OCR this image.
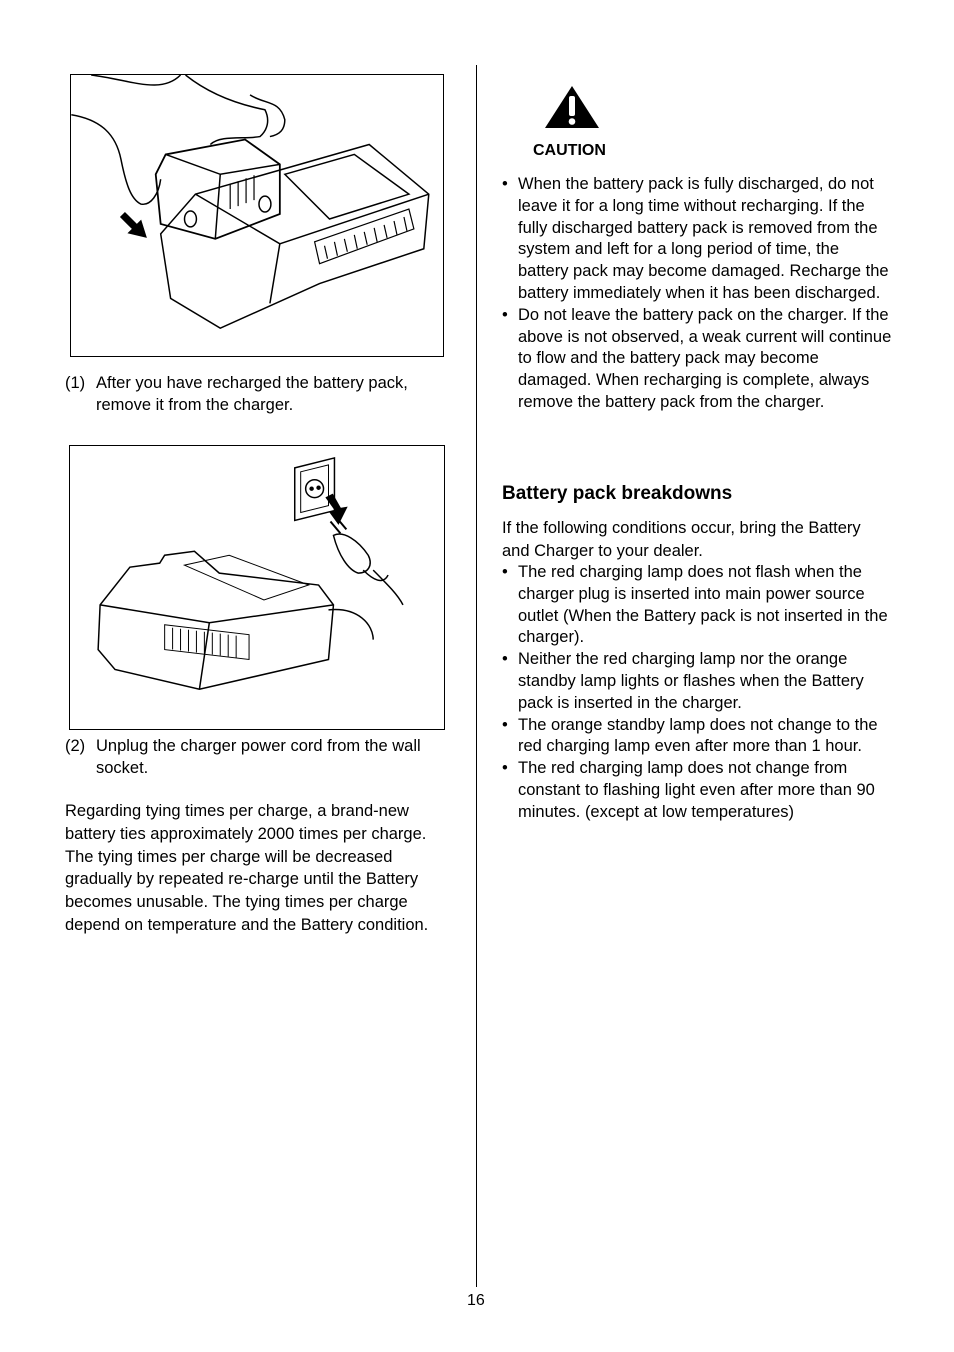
(1) After you have recharged the battery pack, remove it from the charger.
(2) Unplug the charger power cord from the wall socket.
Regarding tying times per charge, a brand-new battery ties approximately 2000 times per charge. The tying times per charge will be decreased gradually by repeated re-charge until the Battery becomes unusable. The tying times per charge depend on temperature and the Battery condition.
CAUTION
• When the battery pack is fully discharged, do not leave it for a long time without recharging. If the fully discharged battery pack is removed from the system and left for a long period of time, the battery pack may become damaged. Recharge the battery immediately when it has been discharged.
• Do not leave the battery pack on the charger. If the above is not observed, a weak current will continue to flow and the battery pack may become damaged. When recharging is complete, always remove the battery pack from the charger.
Battery pack breakdowns
If the following conditions occur, bring the Battery and Charger to your dealer.
• The red charging lamp does not flash when the charger plug is inserted into main power source outlet (When the Battery pack is not inserted in the charger).
• Neither the red charging lamp nor the orange standby lamp lights or flashes when the Battery pack is inserted in the charger.
• The orange standby lamp does not change to the red charging lamp even after more than 1 hour.
• The red charging lamp does not change from constant to flashing light even after more than 90 minutes. (except at low temperatures)
16
